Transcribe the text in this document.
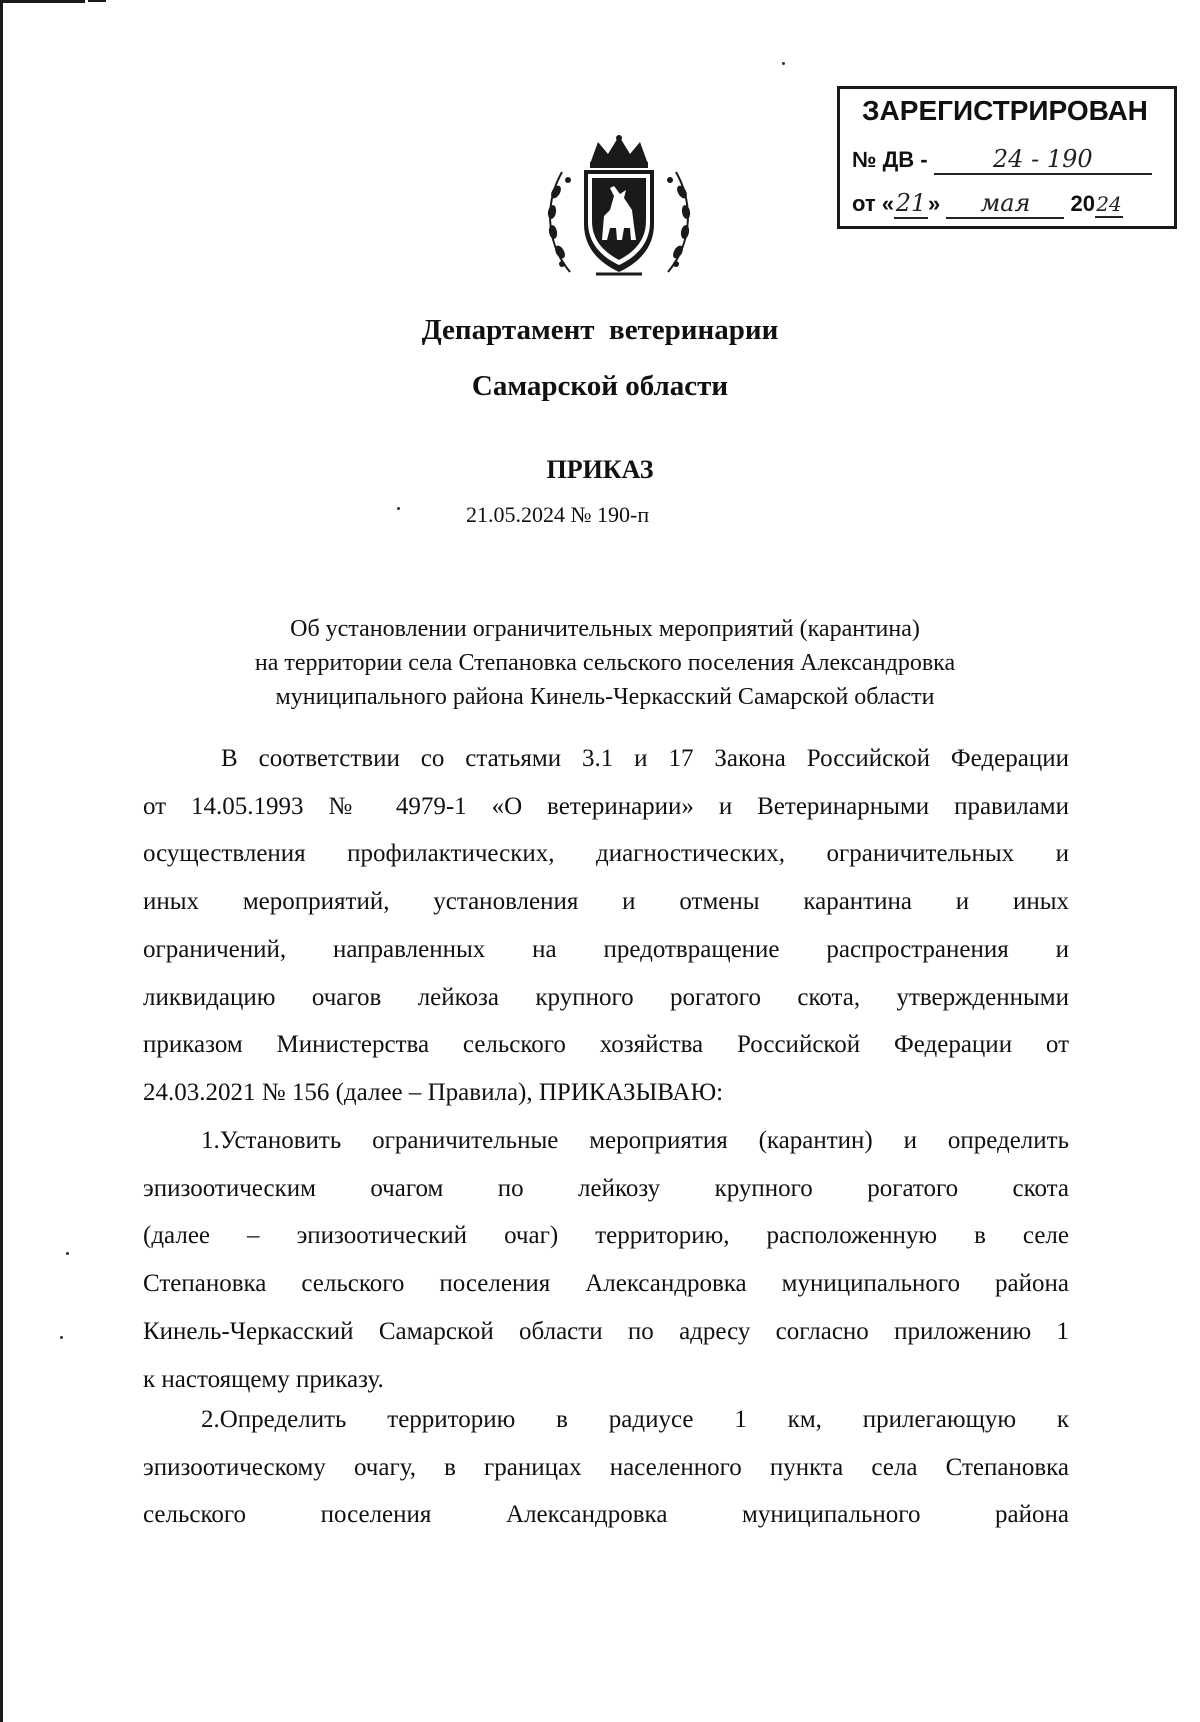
ЗАРЕГИСТРИРОВАН
№ ДВ -	24 - 190
от «21» мая 2024
Департамент  ветеринарии
Самарской области
ПРИКАЗ
21.05.2024 № 190-п
Об установлении ограничительных мероприятий (карантина)
на территории села Степановка сельского поселения Александровка
муниципального района Кинель-Черкасский Самарской области
В соответствии со статьями 3.1 и 17 Закона Российской Федерации
от 14.05.1993 № 4979-1 «О ветеринарии» и Ветеринарными правилами
осуществления профилактических, диагностических, ограничительных и
иных мероприятий, установления и отмены карантина и иных
ограничений, направленных на предотвращение распространения и
ликвидацию очагов лейкоза крупного рогатого скота, утвержденными
приказом Министерства сельского хозяйства Российской Федерации от
24.03.2021 № 156 (далее – Правила), ПРИКАЗЫВАЮ:
1.Установить ограничительные мероприятия (карантин) и определить
эпизоотическим очагом по лейкозу крупного рогатого скота
(далее – эпизоотический очаг) территорию, расположенную в селе
Степановка сельского поселения Александровка муниципального района
Кинель-Черкасский Самарской области по адресу согласно приложению 1
к настоящему приказу.
2.Определить территорию в радиусе 1 км, прилегающую к
эпизоотическому очагу, в границах населенного пункта села Степановка
сельского поселения Александровка муниципального района
